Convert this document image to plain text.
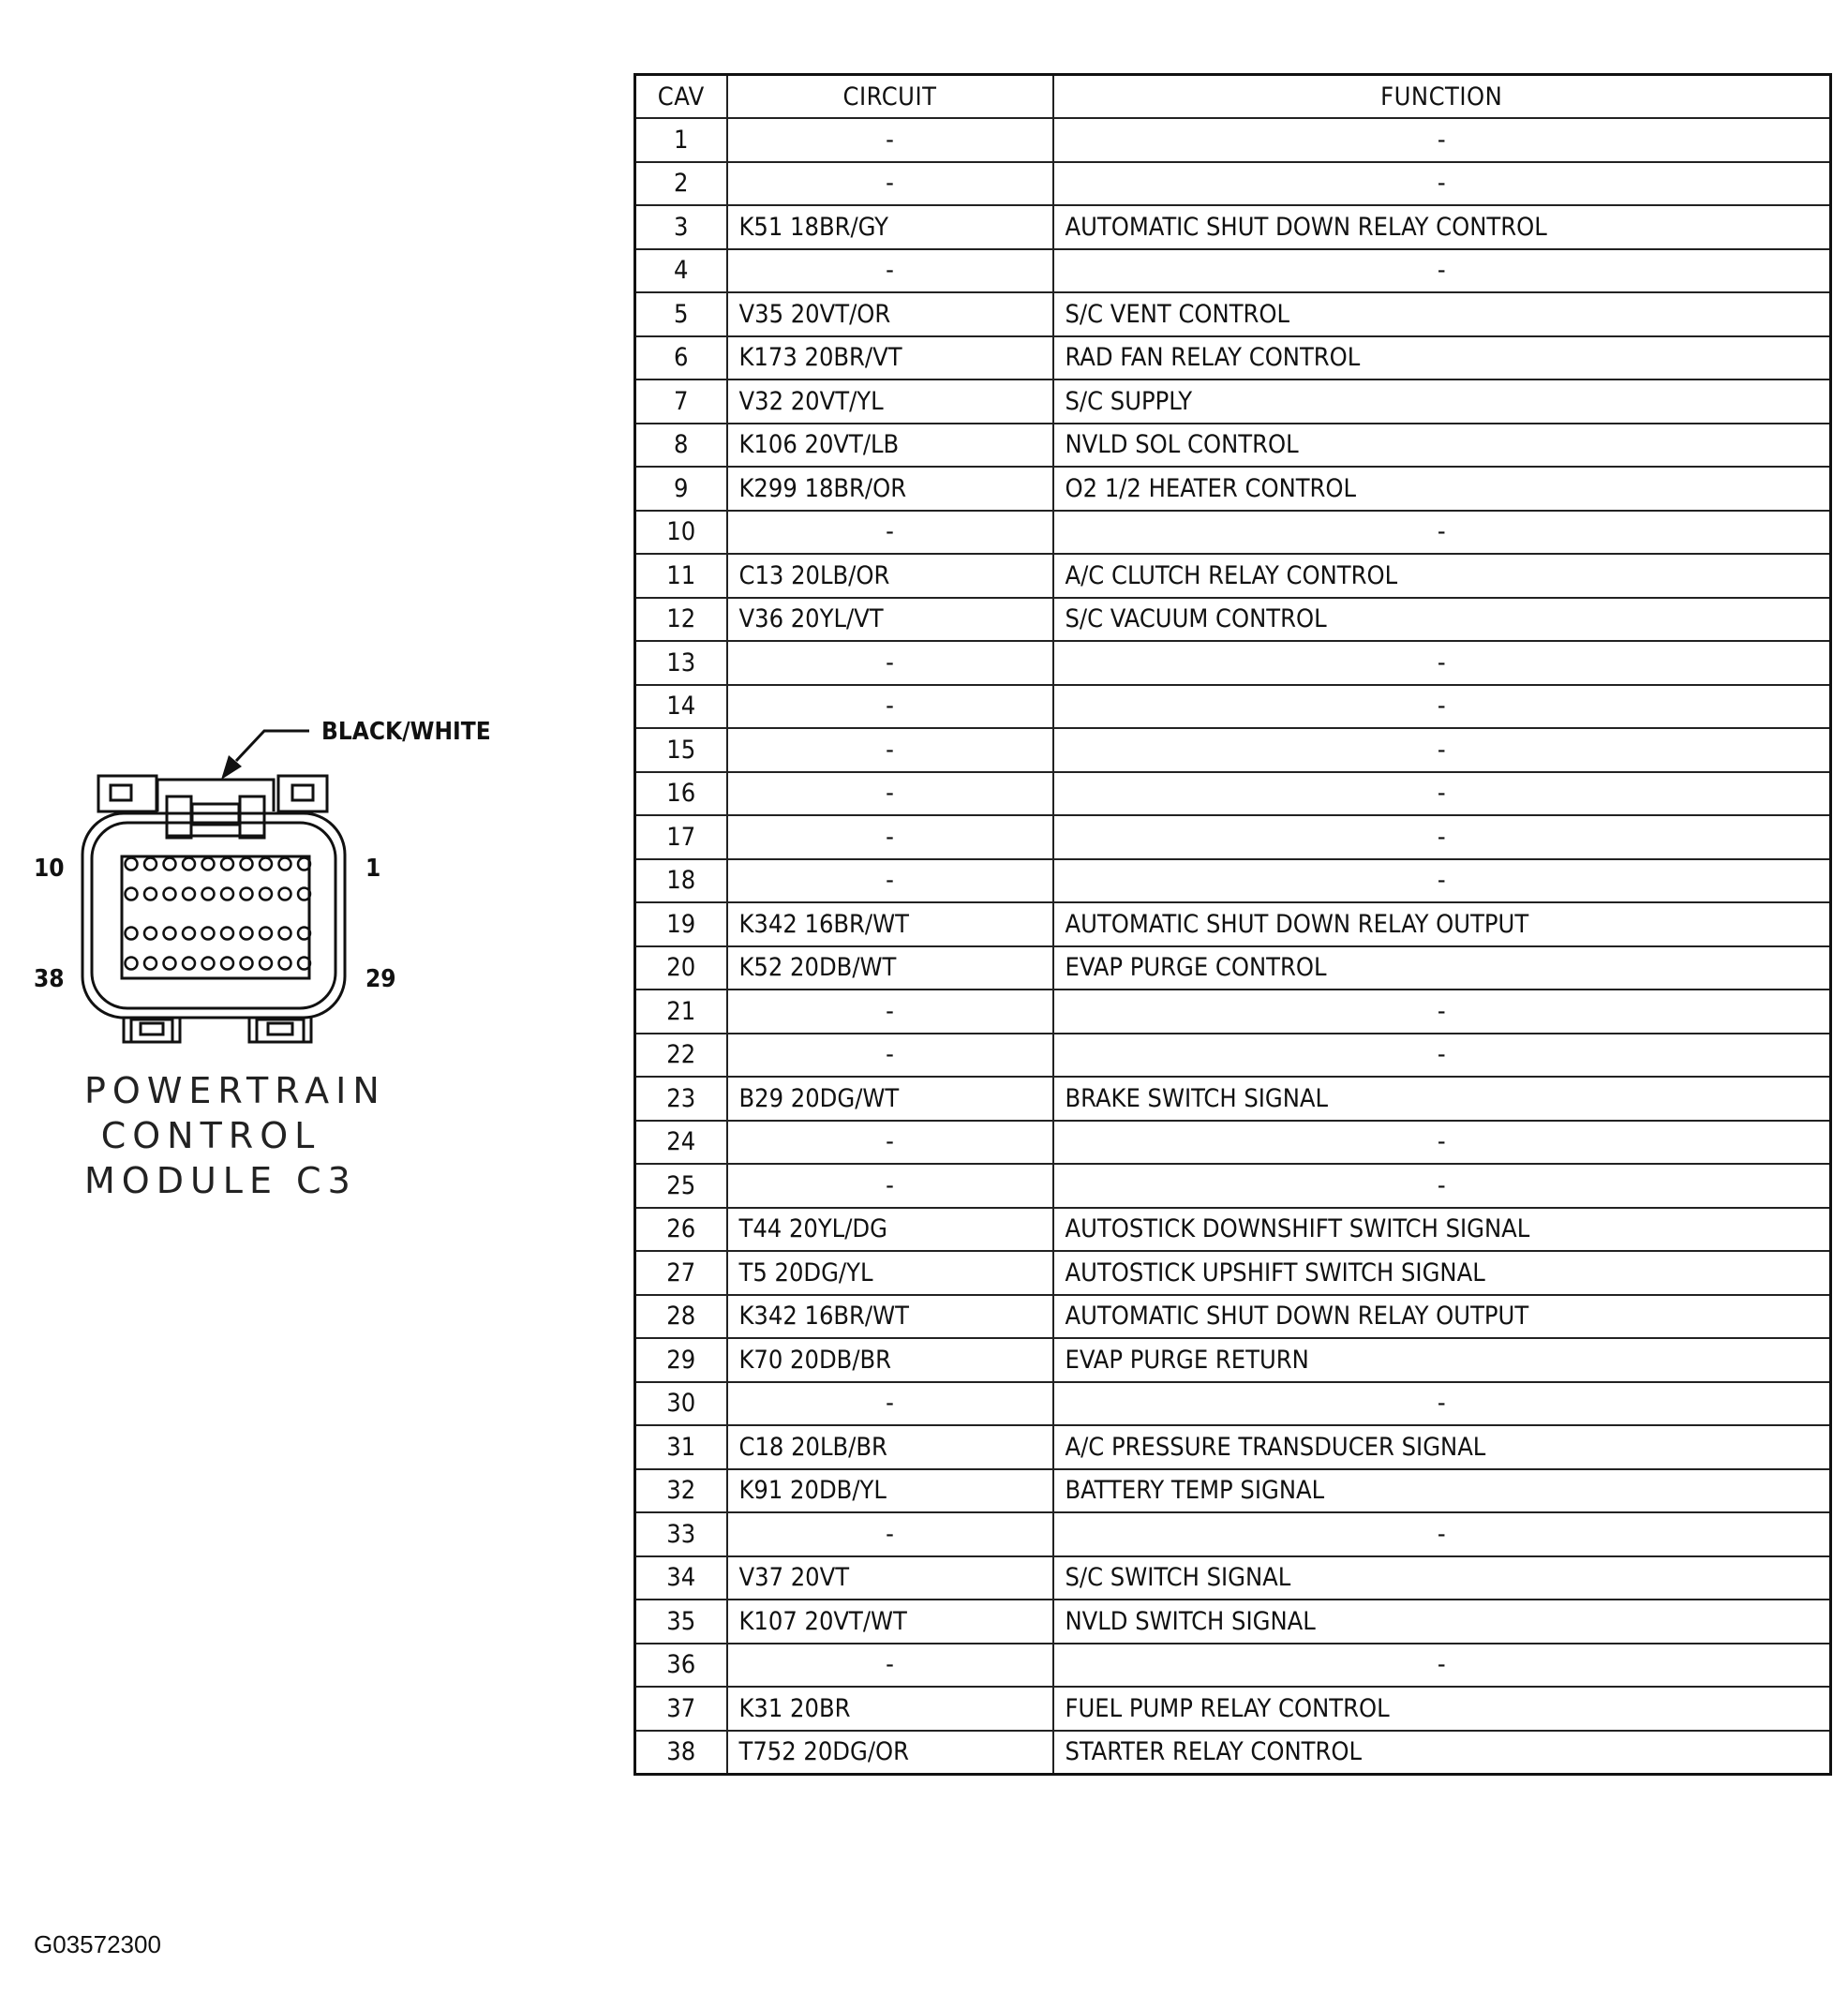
BLACK/WHITE
10	1
38	29
POWERTRAIN
CONTROL
MODULE C3
CAV	CIRCUIT	FUNCTION
1	-	-
2	-	-
3	K51 18BR/GY	AUTOMATIC SHUT DOWN RELAY CONTROL
4	-	-
5	V35 20VT/OR	S/C VENT CONTROL
6	K173 20BR/VT	RAD FAN RELAY CONTROL
7	V32 20VT/YL	S/C SUPPLY
8	K106 20VT/LB	NVLD SOL CONTROL
9	K299 18BR/OR	O2 1/2 HEATER CONTROL
10	-	-
11	C13 20LB/OR	A/C CLUTCH RELAY CONTROL
12	V36 20YL/VT	S/C VACUUM CONTROL
13	-	-
14	-	-
15	-	-
16	-	-
17	-	-
18	-	-
19	K342 16BR/WT	AUTOMATIC SHUT DOWN RELAY OUTPUT
20	K52 20DB/WT	EVAP PURGE CONTROL
21	-	-
22	-	-
23	B29 20DG/WT	BRAKE SWITCH SIGNAL
24	-	-
25	-	-
26	T44 20YL/DG	AUTOSTICK DOWNSHIFT SWITCH SIGNAL
27	T5 20DG/YL	AUTOSTICK UPSHIFT SWITCH SIGNAL
28	K342 16BR/WT	AUTOMATIC SHUT DOWN RELAY OUTPUT
29	K70 20DB/BR	EVAP PURGE RETURN
30	-	-
31	C18 20LB/BR	A/C PRESSURE TRANSDUCER SIGNAL
32	K91 20DB/YL	BATTERY TEMP SIGNAL
33	-	-
34	V37 20VT	S/C SWITCH SIGNAL
35	K107 20VT/WT	NVLD SWITCH SIGNAL
36	-	-
37	K31 20BR	FUEL PUMP RELAY CONTROL
38	T752 20DG/OR	STARTER RELAY CONTROL
G03572300
